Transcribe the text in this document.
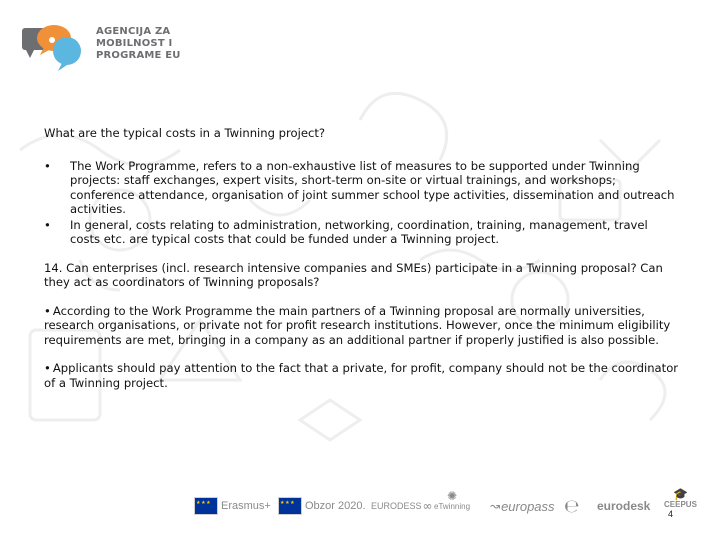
AGENCIJA ZA
MOBILNOST I
PROGRAME EU
What are the typical costs in a Twinning project?
• The Work Programme, refers to a non-exhaustive list of measures to be supported under Twinning projects: staff exchanges, expert visits, short-term on-site or virtual trainings, and workshops; conference attendance, organisation of joint summer school type activities, dissemination and outreach activities.
• In general, costs relating to administration, networking, coordination, training, management, travel costs etc. are typical costs that could be funded under a Twinning project.
14. Can enterprises (incl. research intensive companies and SMEs) participate in a Twinning proposal? Can they act as coordinators of Twinning proposals?
• According to the Work Programme the main partners of a Twinning proposal are normally universities, research organisations, or private not for profit research institutions. However, once the minimum eligibility requirements are met, bringing in a company as an additional partner if properly justified is also possible.
• Applicants should pay attention to the fact that a private, for profit, company should not be the coordinator of a Twinning project.
★ ★ ★
Erasmus+
★ ★ ★	Obzor 2020. EURODESS ∞
✺
eTwinning ↝ europass ℮ eurodesk
🎓
CEEPUS
4
